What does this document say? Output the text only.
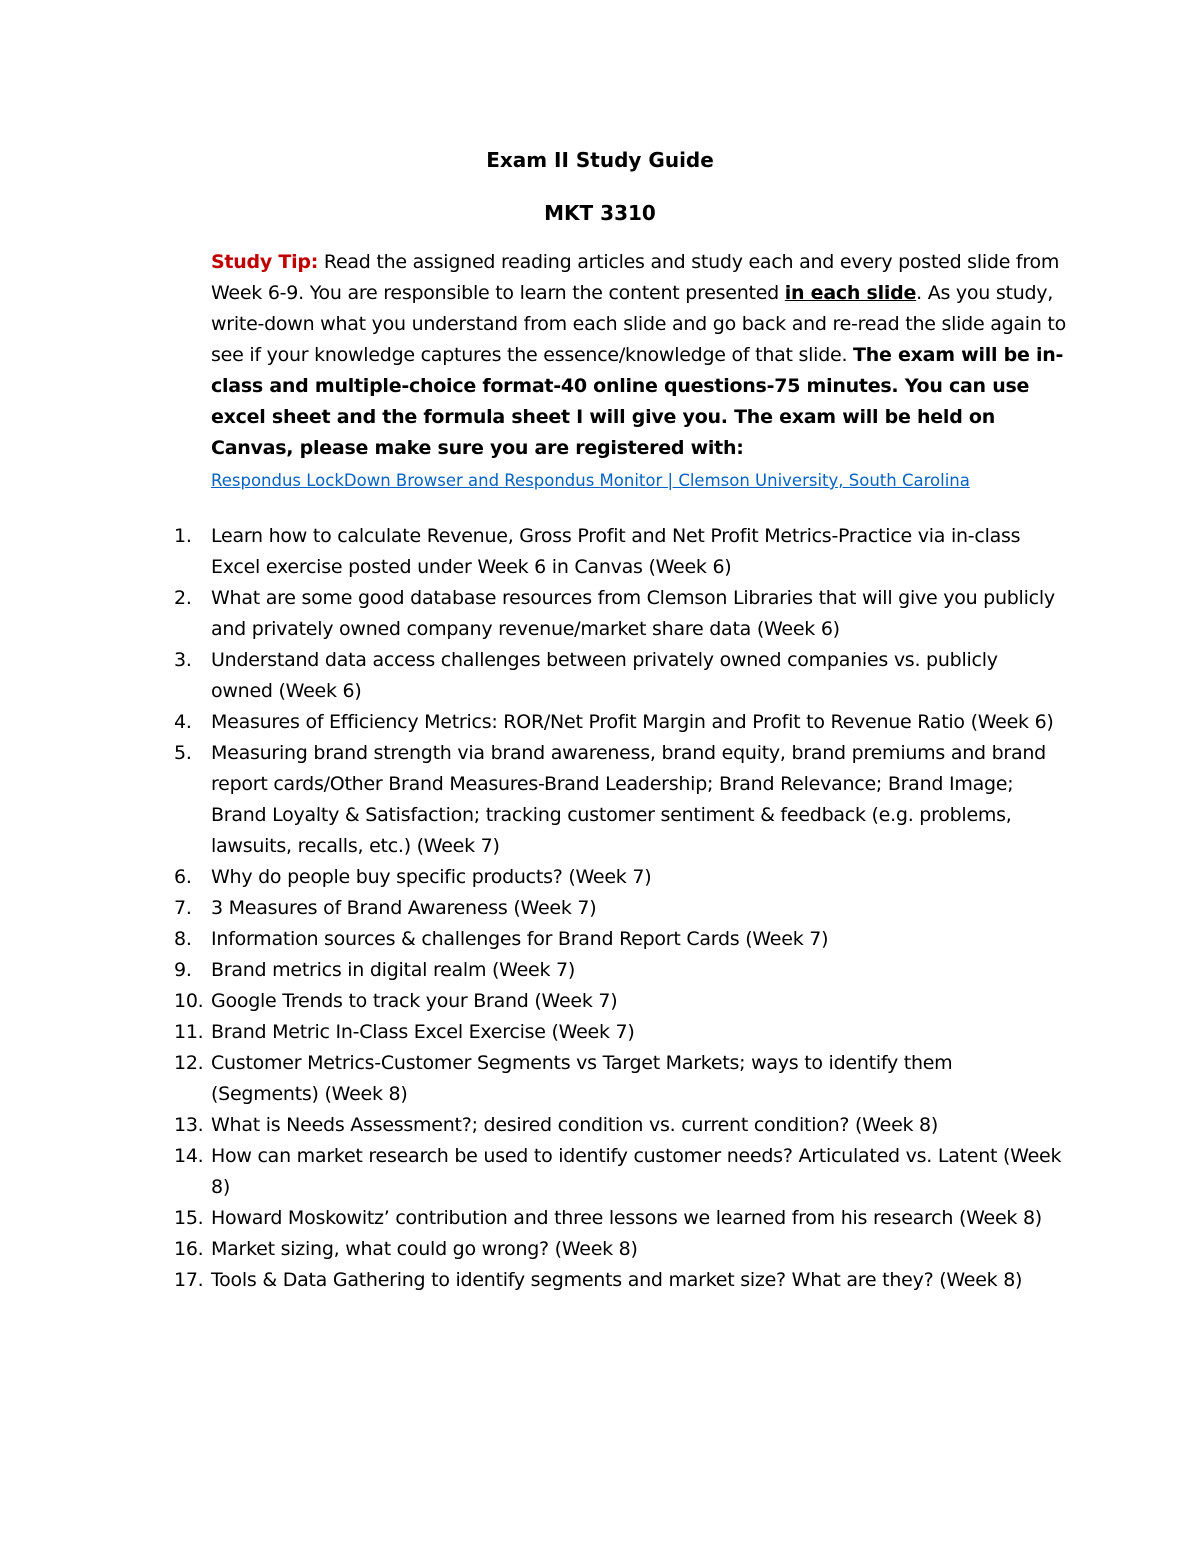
Exam II Study Guide
MKT 3310
Study Tip: Read the assigned reading articles and study each and every posted slide from Week 6-9. You are responsible to learn the content presented in each slide. As you study, write-down what you understand from each slide and go back and re-read the slide again to see if your knowledge captures the essence/knowledge of that slide. The exam will be in-class and multiple-choice format-40 online questions-75 minutes. You can use excel sheet and the formula sheet I will give you. The exam will be held on Canvas, please make sure you are registered with:
Respondus LockDown Browser and Respondus Monitor | Clemson University, South Carolina
1.	Learn how to calculate Revenue, Gross Profit and Net Profit Metrics-Practice via in-class Excel exercise posted under Week 6 in Canvas (Week 6)
2.	What are some good database resources from Clemson Libraries that will give you publicly and privately owned company revenue/market share data (Week 6)
3.	Understand data access challenges between privately owned companies vs. publicly owned (Week 6)
4.	Measures of Efficiency Metrics: ROR/Net Profit Margin and Profit to Revenue Ratio (Week 6)
5.	Measuring brand strength via brand awareness, brand equity, brand premiums and brand report cards/Other Brand Measures-Brand Leadership; Brand Relevance; Brand Image; Brand Loyalty & Satisfaction; tracking customer sentiment & feedback (e.g. problems, lawsuits, recalls, etc.) (Week 7)
6.	Why do people buy specific products? (Week 7)
7.	3 Measures of Brand Awareness (Week 7)
8.	Information sources & challenges for Brand Report Cards (Week 7)
9.	Brand metrics in digital realm (Week 7)
10. Google Trends to track your Brand (Week 7)
11. Brand Metric In-Class Excel Exercise (Week 7)
12. Customer Metrics-Customer Segments vs Target Markets; ways to identify them (Segments) (Week 8)
13. What is Needs Assessment?; desired condition vs. current condition? (Week 8)
14. How can market research be used to identify customer needs? Articulated vs. Latent (Week 8)
15. Howard Moskowitz’ contribution and three lessons we learned from his research (Week 8)
16. Market sizing, what could go wrong? (Week 8)
17. Tools & Data Gathering to identify segments and market size? What are they? (Week 8)
